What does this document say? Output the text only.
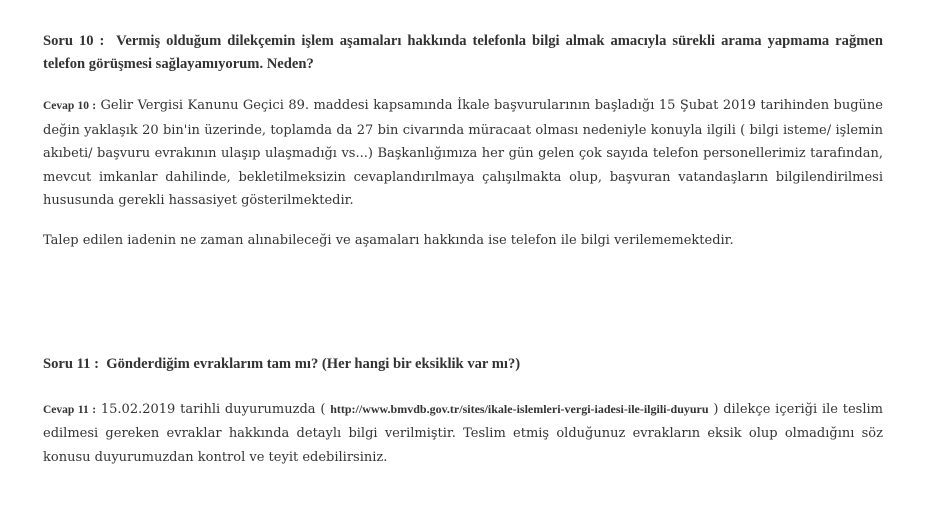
Soru 10 : Vermiş olduğum dilekçemin işlem aşamaları hakkında telefonla bilgi almak amacıyla sürekli arama yapmama rağmen telefon görüşmesi sağlayamıyorum. Neden?

Cevap 10 : Gelir Vergisi Kanunu Geçici 89. maddesi kapsamında İkale başvurularının başladığı 15 Şubat 2019 tarihinden bugüne değin yaklaşık 20 bin'in üzerinde, toplamda da 27 bin civarında müracaat olması nedeniyle konuyla ilgili ( bilgi isteme/ işlemin akıbeti/ başvuru evrakının ulaşıp ulaşmadığı vs...) Başkanlığımıza her gün gelen çok sayıda telefon personellerimiz tarafından, mevcut imkanlar dahilinde, bekletilmeksizin cevaplandırılmaya çalışılmakta olup, başvuran vatandaşların bilgilendirilmesi hususunda gerekli hassasiyet gösterilmektedir.

Talep edilen iadenin ne zaman alınabileceği ve aşamaları hakkında ise telefon ile bilgi verilememektedir.

Soru 11 : Gönderdiğim evraklarım tam mı? (Her hangi bir eksiklik var mı?)

Cevap 11 : 15.02.2019 tarihli duyurumuzda ( http://www.bmvdb.gov.tr/sites/ikale-islemleri-vergi-iadesi-ile-ilgili-duyuru ) dilekçe içeriği ile teslim edilmesi gereken evraklar hakkında detaylı bilgi verilmiştir. Teslim etmiş olduğunuz evrakların eksik olup olmadığını söz konusu duyurumuzdan kontrol ve teyit edebilirsiniz.
